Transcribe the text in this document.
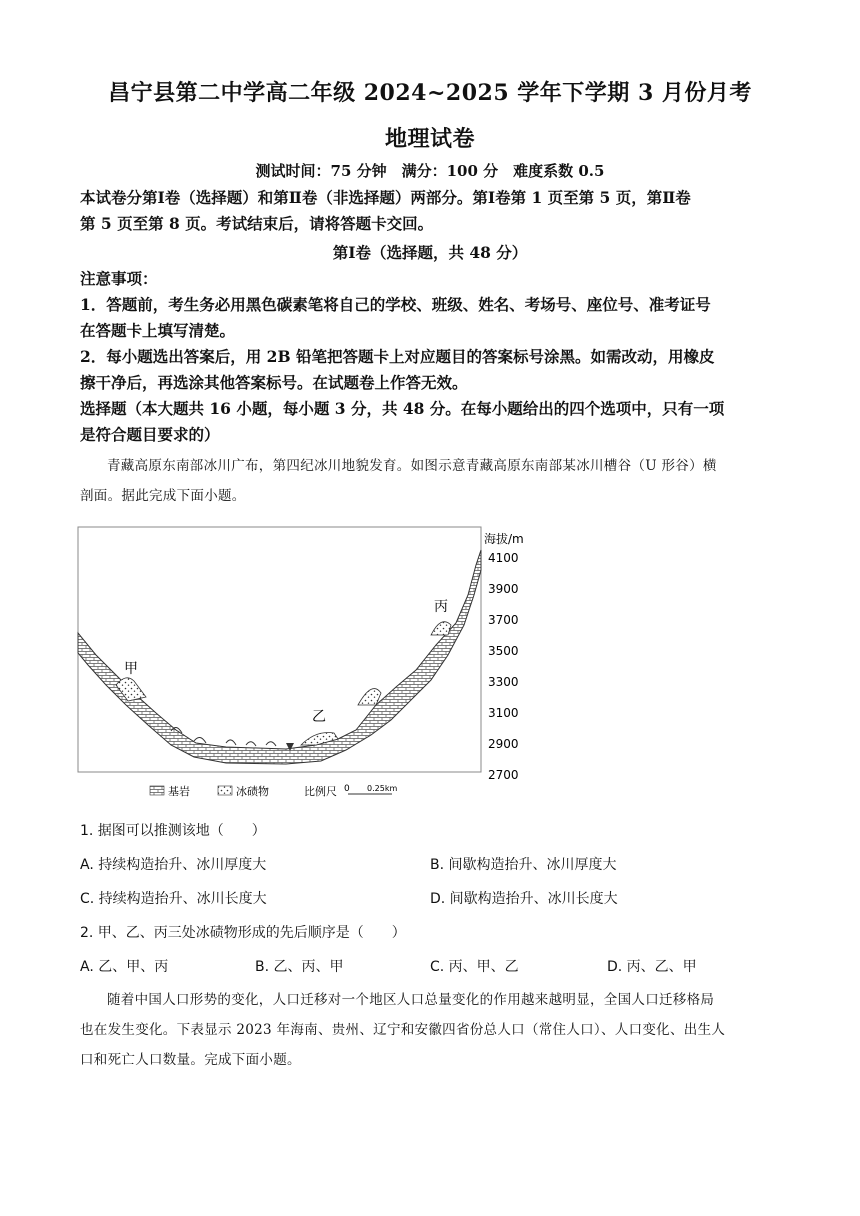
昌宁县第二中学高二年级 2024~2025 学年下学期 3 月份月考
地理试卷
测试时间：75 分钟　满分：100 分　难度系数 0.5
本试卷分第Ⅰ卷（选择题）和第Ⅱ卷（非选择题）两部分。第Ⅰ卷第 1 页至第 5 页，第Ⅱ卷
第 5 页至第 8 页。考试结束后，请将答题卡交回。
第Ⅰ卷（选择题，共 48 分）
注意事项：
1．答题前，考生务必用黑色碳素笔将自己的学校、班级、姓名、考场号、座位号、准考证号
在答题卡上填写清楚。
2．每小题选出答案后，用 2B 铅笔把答题卡上对应题目的答案标号涂黑。如需改动，用橡皮
擦干净后，再选涂其他答案标号。在试题卷上作答无效。
选择题（本大题共 16 小题，每小题 3 分，共 48 分。在每小题给出的四个选项中，只有一项
是符合题目要求的）
青藏高原东南部冰川广布，第四纪冰川地貌发育。如图示意青藏高原东南部某冰川槽谷（U 形谷）横
剖面。据此完成下面小题。
甲
乙
丙
海拔/m
4100
3900
3700
3500
3300
3100
2900
2700
基岩	冰碛物	比例尺 0 0.25km
1. 据图可以推测该地（　　）
A. 持续构造抬升、冰川厚度大	B. 间歇构造抬升、冰川厚度大
C. 持续构造抬升、冰川长度大	D. 间歇构造抬升、冰川长度大
2. 甲、乙、丙三处冰碛物形成的先后顺序是（　　）
A. 乙、甲、丙	B. 乙、丙、甲	C. 丙、甲、乙	D. 丙、乙、甲
随着中国人口形势的变化，人口迁移对一个地区人口总量变化的作用越来越明显，全国人口迁移格局
也在发生变化。下表显示 2023 年海南、贵州、辽宁和安徽四省份总人口（常住人口）、人口变化、出生人
口和死亡人口数量。完成下面小题。
